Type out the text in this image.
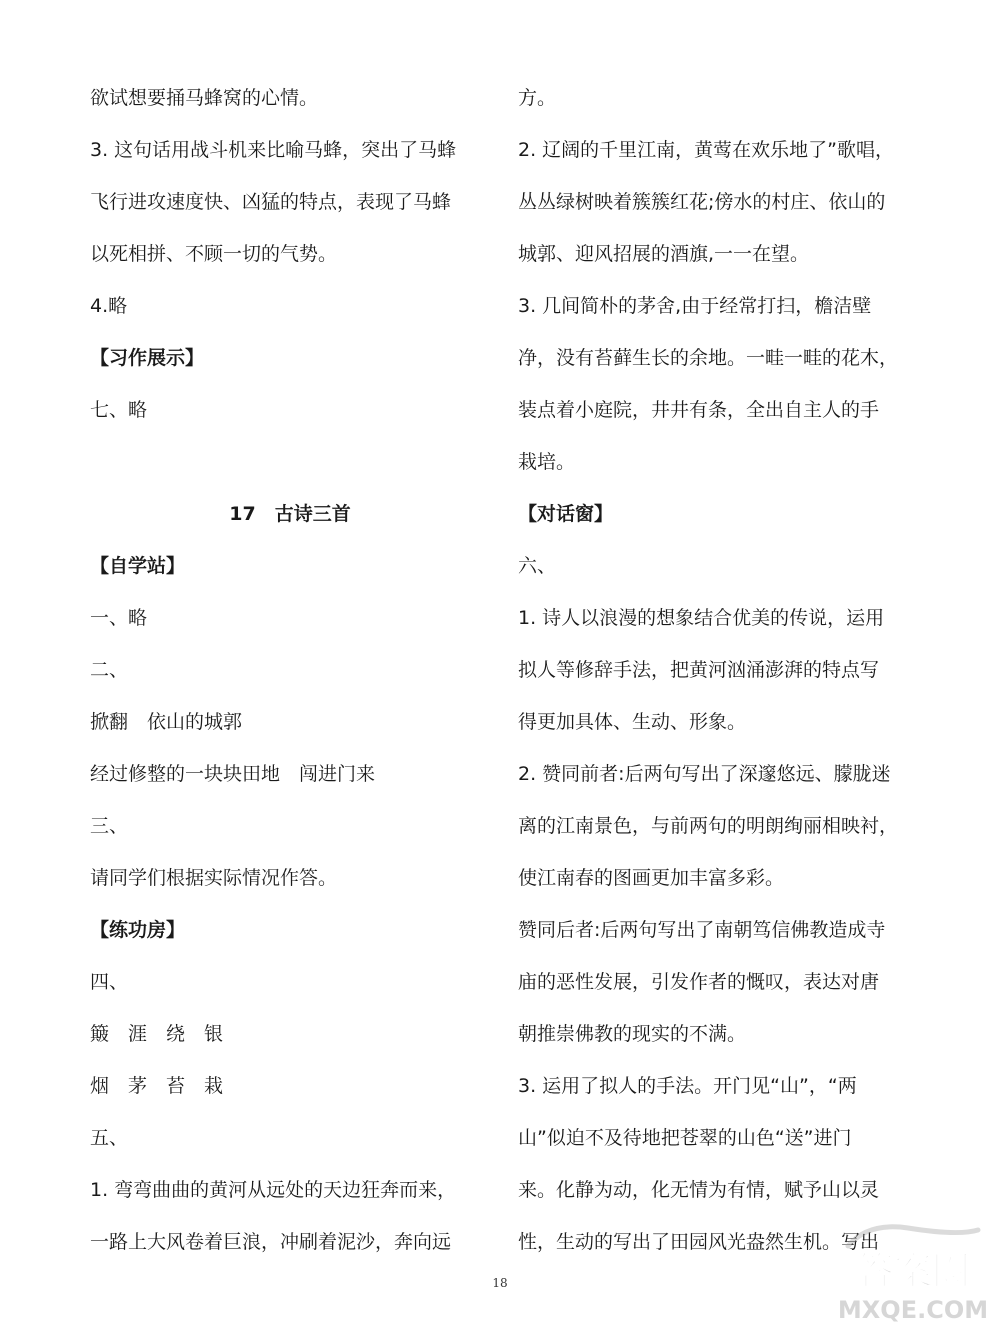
欲试想要捅马蜂窝的心情。
3. 这句话用战斗机来比喻马蜂，突出了马蜂
飞行进攻速度快、凶猛的特点，表现了马蜂
以死相拼、不顾一切的气势。
4.略
【习作展示】
七、略
17　古诗三首
【自学站】
一、略
二、
掀翻　依山的城郭
经过修整的一块块田地　闯进门来
三、
请同学们根据实际情况作答。
【练功房】
四、
簸　涯　绕　银
烟　茅　苔　栽
五、
1. 弯弯曲曲的黄河从远处的天边狂奔而来，
一路上大风卷着巨浪，冲刷着泥沙，奔向远
方。
2. 辽阔的千里江南，黄莺在欢乐地了”歌唱，
丛丛绿树映着簇簇红花;傍水的村庄、依山的
城郭、迎风招展的酒旗,一一在望。
3. 几间简朴的茅舍,由于经常打扫，檐洁壁
净，没有苔藓生长的余地。一畦一畦的花木，
装点着小庭院，井井有条，全出自主人的手
栽培。
【对话窗】
六、
1. 诗人以浪漫的想象结合优美的传说，运用
拟人等修辞手法，把黄河汹涌澎湃的特点写
得更加具体、生动、形象。
2. 赞同前者:后两句写出了深邃悠远、朦胧迷
离的江南景色，与前两句的明朗绚丽相映衬，
使江南春的图画更加丰富多彩。
赞同后者:后两句写出了南朝笃信佛教造成寺
庙的恶性发展，引发作者的慨叹，表达对唐
朝推崇佛教的现实的不满。
3. 运用了拟人的手法。开门见“山”，“两
山”似迫不及待地把苍翠的山色“送”进门
来。化静为动，化无情为有情，赋予山以灵
性，生动的写出了田园风光盎然生机。写出
18	答案圈
MXQE.COM
